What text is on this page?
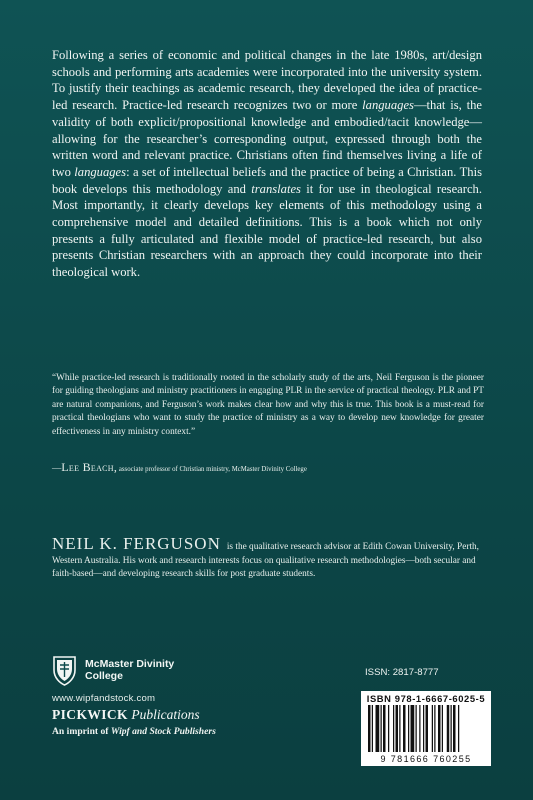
Following a series of economic and political changes in the late 1980s, art/design schools and performing arts academies were incorporated into the university system. To justify their teachings as academic research, they developed the idea of practice-led research. Practice-led research recognizes two or more languages—that is, the validity of both explicit/propositional knowledge and embodied/tacit knowledge—allowing for the researcher’s corresponding output, expressed through both the written word and relevant practice. Christians often find themselves living a life of two languages: a set of intellectual beliefs and the practice of being a Christian. This book develops this methodology and translates it for use in theological research. Most importantly, it clearly develops key elements of this methodology using a comprehensive model and detailed definitions. This is a book which not only presents a fully articulated and flexible model of practice-led research, but also presents Christian researchers with an approach they could incorporate into their theological work.

“While practice-led research is traditionally rooted in the scholarly study of the arts, Neil Ferguson is the pioneer for guiding theologians and ministry practitioners in engaging PLR in the service of practical theology. PLR and PT are natural companions, and Ferguson’s work makes clear how and why this is true. This book is a must-read for practical theologians who want to study the practice of ministry as a way to develop new knowledge for greater effectiveness in any ministry context.”

—Lee Beach, associate professor of Christian ministry, McMaster Divinity College
NEIL K. FERGUSON is the qualitative research advisor at Edith Cowan University, Perth, Western Australia. His work and research interests focus on qualitative research methodologies—both secular and faith-based—and developing research skills for post graduate students.
McMaster Divinity
College
www.wipfandstock.com
PICKWICK Publications
An imprint of Wipf and Stock Publishers
ISSN: 2817-8777
ISBN 978-1-6667-6025-5
9 781666 760255
